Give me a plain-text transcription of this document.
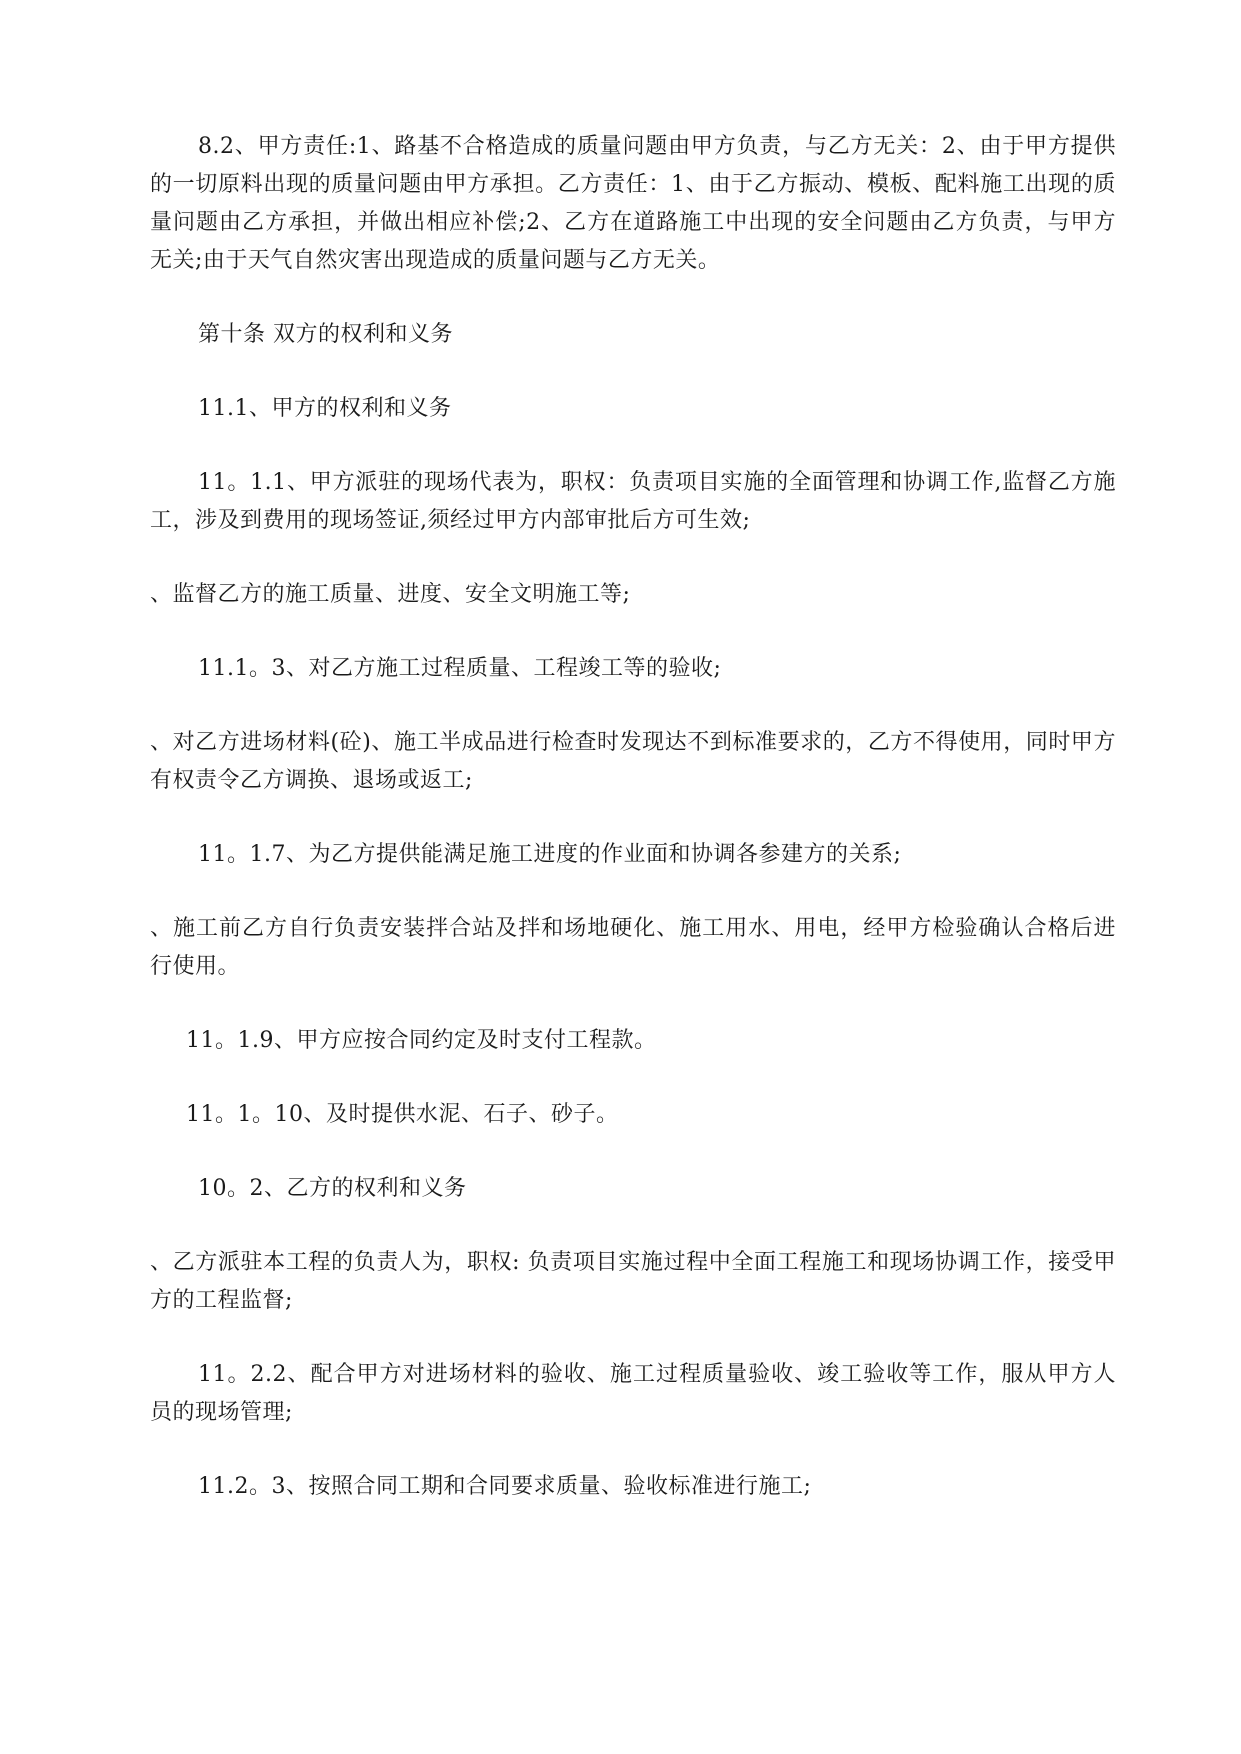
8.2、甲方责任:1、路基不合格造成的质量问题由甲方负责，与乙方无关：2、由于甲方提供的一切原料出现的质量问题由甲方承担。乙方责任：1、由于乙方振动、模板、配料施工出现的质量问题由乙方承担，并做出相应补偿;2、乙方在道路施工中出现的安全问题由乙方负责，与甲方无关;由于天气自然灾害出现造成的质量问题与乙方无关。

第十条 双方的权利和义务

11.1、甲方的权利和义务

11。1.1、甲方派驻的现场代表为，职权：负责项目实施的全面管理和协调工作,监督乙方施工，涉及到费用的现场签证,须经过甲方内部审批后方可生效;

、监督乙方的施工质量、进度、安全文明施工等;

11.1。3、对乙方施工过程质量、工程竣工等的验收;

、对乙方进场材料(砼)、施工半成品进行检查时发现达不到标准要求的，乙方不得使用，同时甲方有权责令乙方调换、退场或返工;

11。1.7、为乙方提供能满足施工进度的作业面和协调各参建方的关系;

、施工前乙方自行负责安装拌合站及拌和场地硬化、施工用水、用电，经甲方检验确认合格后进行使用。

11。1.9、甲方应按合同约定及时支付工程款。

11。1。10、及时提供水泥、石子、砂子。

10。2、乙方的权利和义务

、乙方派驻本工程的负责人为，职权: 负责项目实施过程中全面工程施工和现场协调工作，接受甲方的工程监督;

11。2.2、配合甲方对进场材料的验收、施工过程质量验收、竣工验收等工作，服从甲方人员的现场管理;

11.2。3、按照合同工期和合同要求质量、验收标准进行施工;
